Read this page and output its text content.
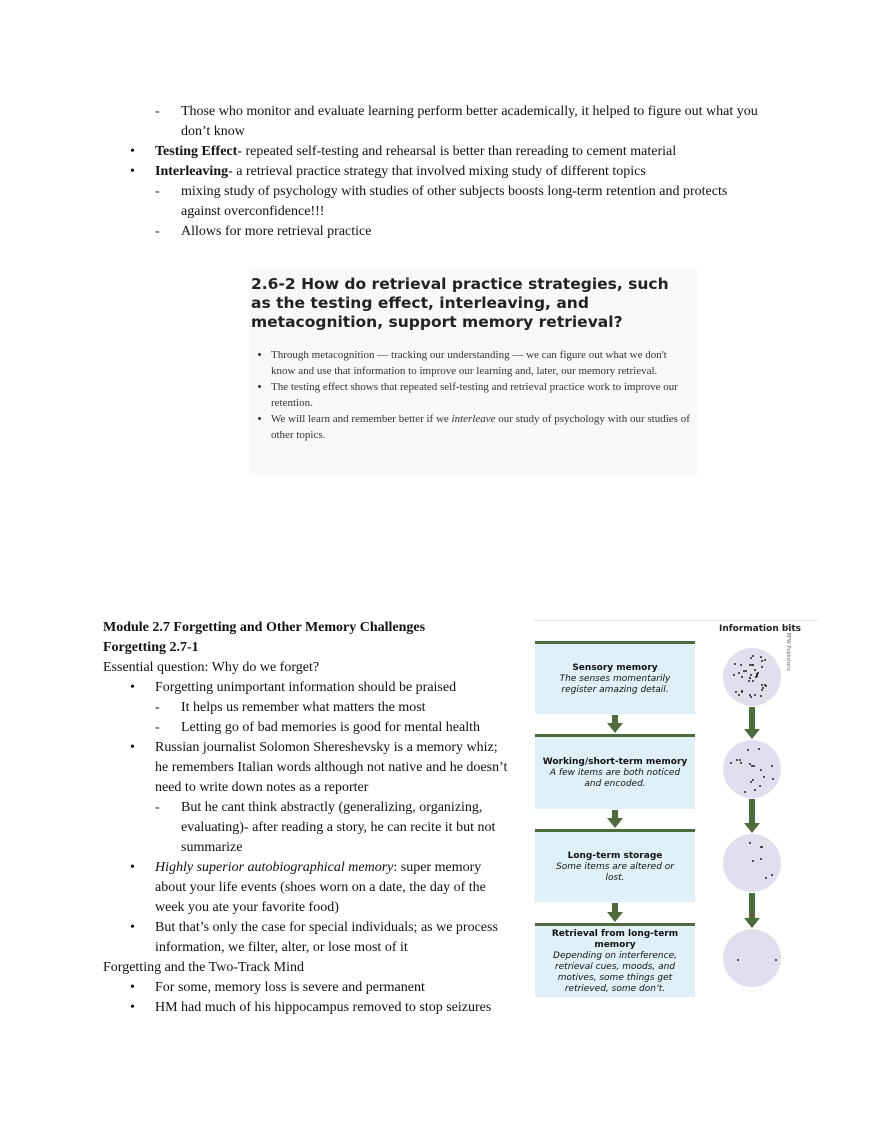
- Those who monitor and evaluate learning perform better academically, it helped to figure out what you
don’t know
• Testing Effect- repeated self-testing and rehearsal is better than rereading to cement material
• Interleaving- a retrieval practice strategy that involved mixing study of different topics
- mixing study of psychology with studies of other subjects boosts long-term retention and protects
against overconfidence!!!
- Allows for more retrieval practice
2.6-2 How do retrieval practice strategies, such as the testing effect, interleaving, and metacognition, support memory retrieval?
• Through metacognition — tracking our understanding — we can figure out what we don't know and use that information to improve our learning and, later, our memory retrieval.
• The testing effect shows that repeated self-testing and retrieval practice work to improve our retention.
• We will learn and remember better if we interleave our study of psychology with our studies of other topics.
Module 2.7 Forgetting and Other Memory Challenges
Forgetting 2.7-1
Essential question: Why do we forget?
• Forgetting unimportant information should be praised
- It helps us remember what matters the most
- Letting go of bad memories is good for mental health
• Russian journalist Solomon Shereshevsky is a memory whiz;
he remembers Italian words although not native and he doesn’t
need to write down notes as a reporter
- But he cant think abstractly (generalizing, organizing,
evaluating)- after reading a story, he can recite it but not
summarize
• Highly superior autobiographical memory: super memory
about your life events (shoes worn on a date, the day of the
week you ate your favorite food)
• But that’s only the case for special individuals; as we process
information, we filter, alter, or lose most of it
Forgetting and the Two-Track Mind
• For some, memory loss is severe and permanent
• HM had much of his hippocampus removed to stop seizures
Information bits
© BFW Publishers
Sensory memory
The senses momentarily register amazing detail.
Working/short-term memory
A few items are both noticed and encoded.
Long-term storage
Some items are altered or lost.
Retrieval from long-term memory
Depending on interference, retrieval cues, moods, and motives, some things get retrieved, some don’t.
